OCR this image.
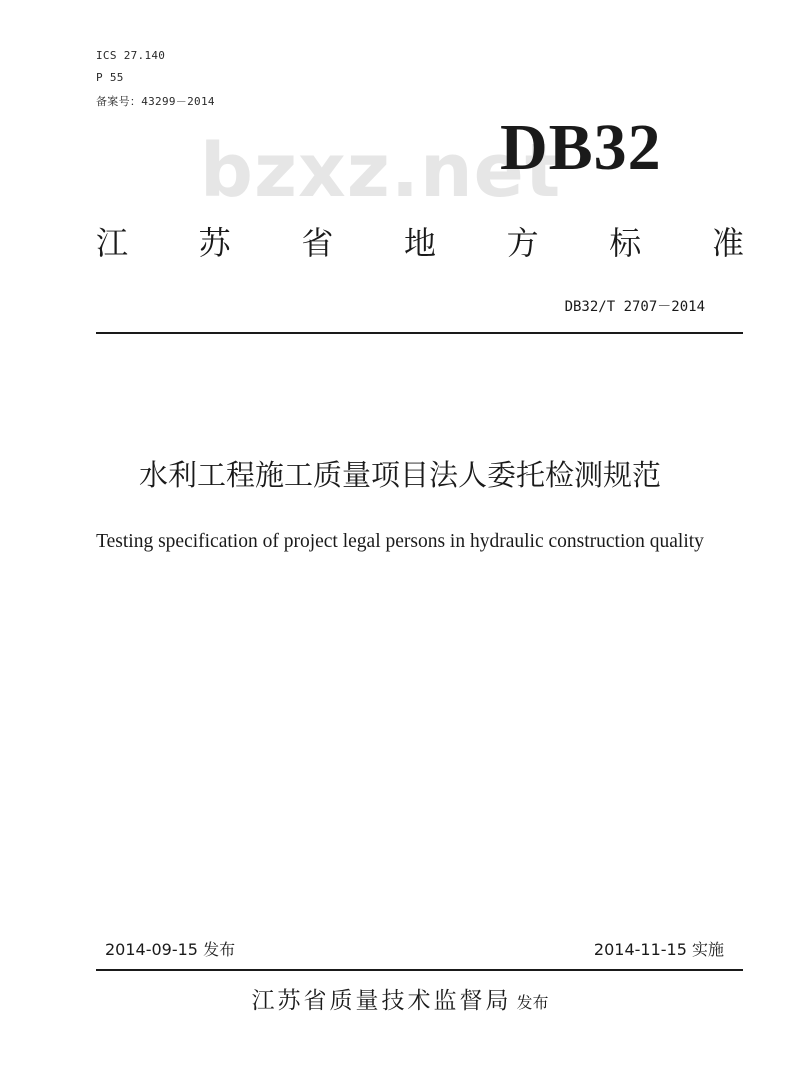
ICS 27.140
P 55
备案号：43299－2014
bzxz.net
DB32
江 苏 省 地 方 标 准
DB32/T 2707－2014
水利工程施工质量项目法人委托检测规范
Testing specification of project legal persons in hydraulic construction quality
2014-09-15 发布	2014-11-15 实施
江苏省质量技术监督局 发布
